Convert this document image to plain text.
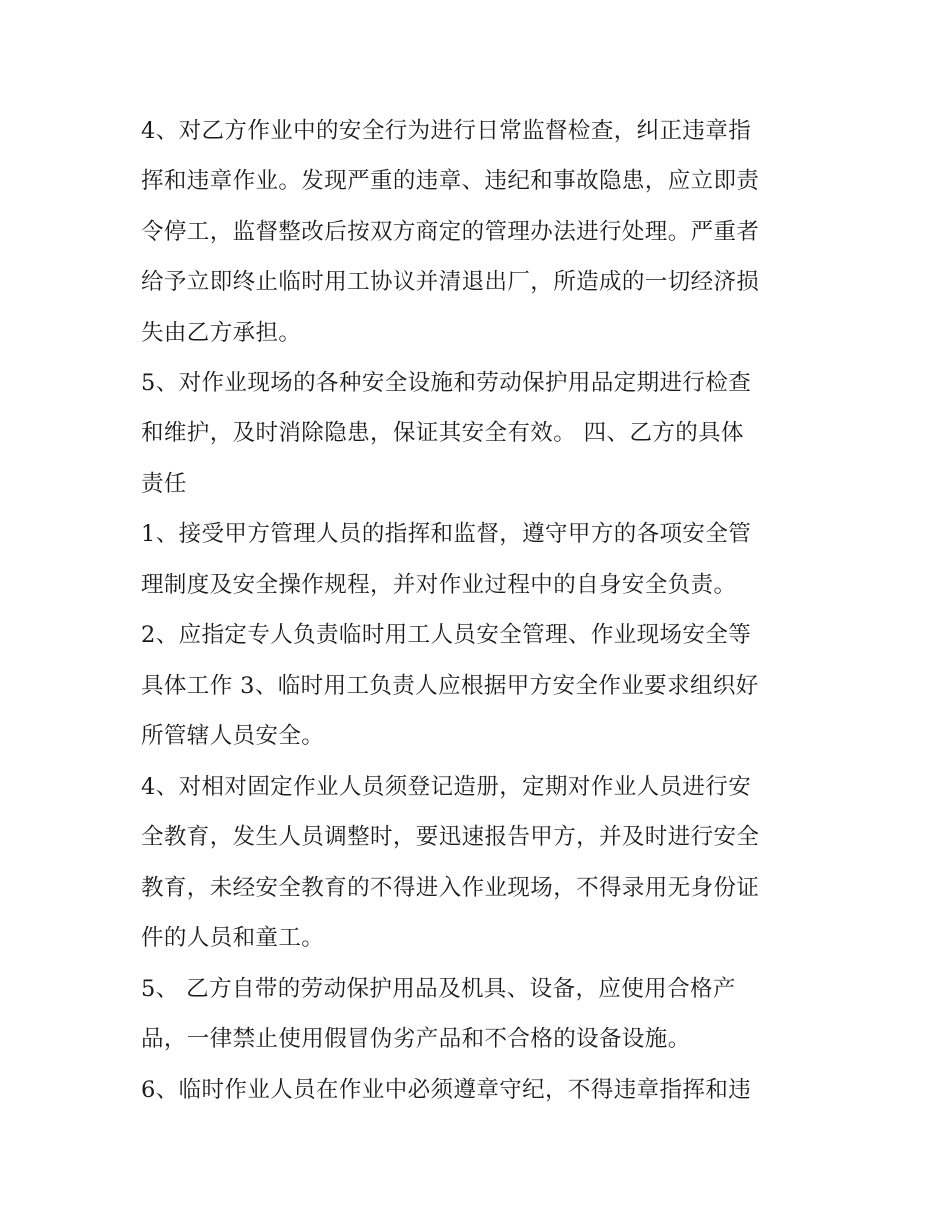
4、对乙方作业中的安全行为进行日常监督检查，纠正违章指
挥和违章作业。发现严重的违章、违纪和事故隐患，应立即责
令停工，监督整改后按双方商定的管理办法进行处理。严重者
给予立即终止临时用工协议并清退出厂，所造成的一切经济损
失由乙方承担。
5、对作业现场的各种安全设施和劳动保护用品定期进行检查
和维护，及时消除隐患，保证其安全有效。 四、乙方的具体
责任
1、接受甲方管理人员的指挥和监督，遵守甲方的各项安全管
理制度及安全操作规程，并对作业过程中的自身安全负责。
2、应指定专人负责临时用工人员安全管理、作业现场安全等
具体工作 3、临时用工负责人应根据甲方安全作业要求组织好
所管辖人员安全。
4、对相对固定作业人员须登记造册，定期对作业人员进行安
全教育，发生人员调整时，要迅速报告甲方，并及时进行安全
教育，未经安全教育的不得进入作业现场，不得录用无身份证
件的人员和童工。
5、 乙方自带的劳动保护用品及机具、设备，应使用合格产
品，一律禁止使用假冒伪劣产品和不合格的设备设施。
6、临时作业人员在作业中必须遵章守纪，不得违章指挥和违
